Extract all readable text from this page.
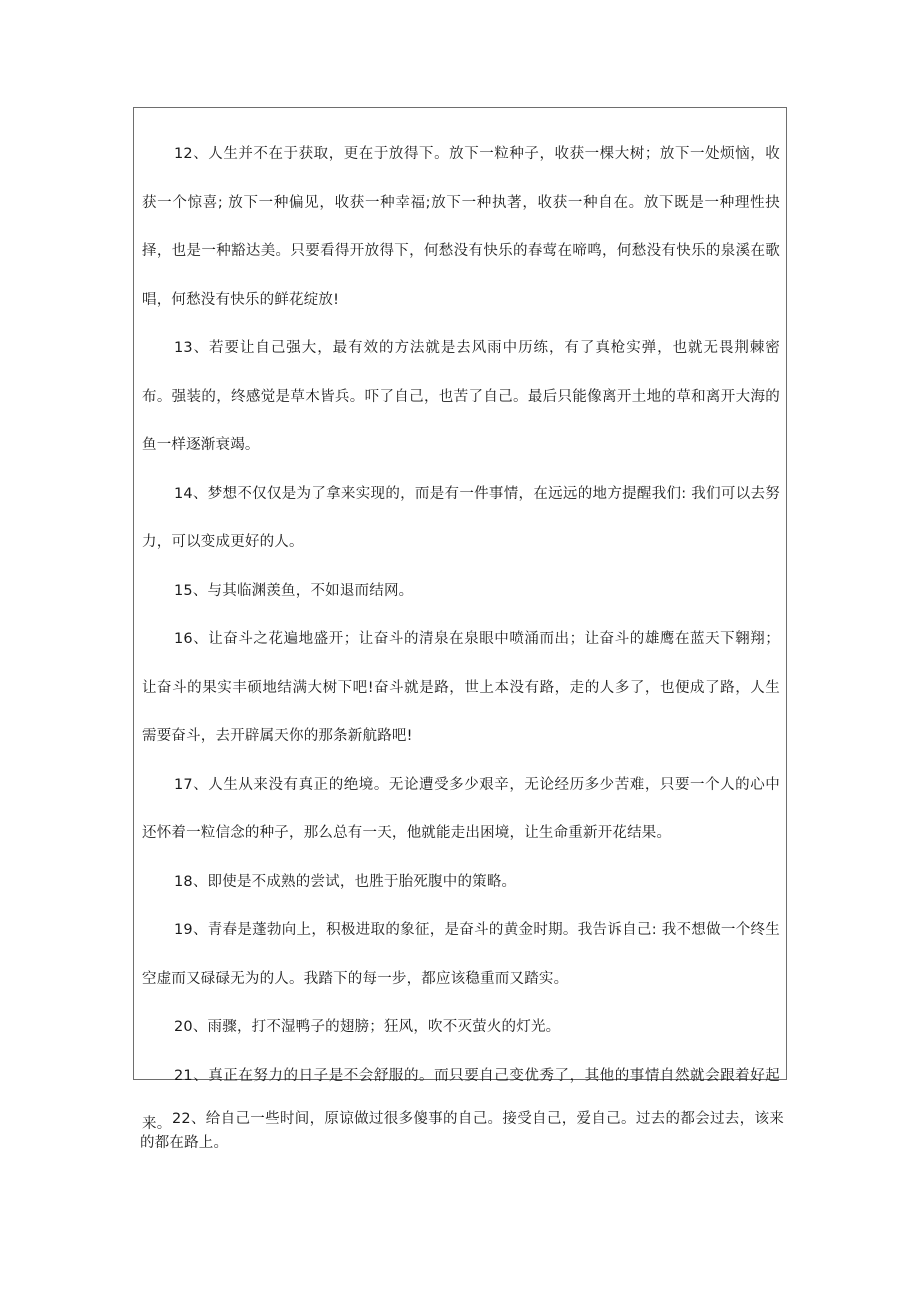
12、人生并不在于获取，更在于放得下。放下一粒种子，收获一棵大树；放下一处烦恼，收获一个惊喜; 放下一种偏见，收获一种幸福;放下一种执著，收获一种自在。放下既是一种理性抉择，也是一种豁达美。只要看得开放得下，何愁没有快乐的春莺在啼鸣，何愁没有快乐的泉溪在歌唱，何愁没有快乐的鲜花绽放!

13、若要让自己强大，最有效的方法就是去风雨中历练，有了真枪实弹，也就无畏荆棘密布。强装的，终感觉是草木皆兵。吓了自己，也苦了自己。最后只能像离开土地的草和离开大海的鱼一样逐渐衰竭。

14、梦想不仅仅是为了拿来实现的，而是有一件事情，在远远的地方提醒我们: 我们可以去努力，可以变成更好的人。

15、与其临渊羡鱼，不如退而结网。

16、让奋斗之花遍地盛开；让奋斗的清泉在泉眼中喷涌而出；让奋斗的雄鹰在蓝天下翱翔；让奋斗的果实丰硕地结满大树下吧!奋斗就是路，世上本没有路，走的人多了，也便成了路，人生需要奋斗，去开辟属天你的那条新航路吧!

17、人生从来没有真正的绝境。无论遭受多少艰辛，无论经历多少苦难，只要一个人的心中还怀着一粒信念的种子，那么总有一天，他就能走出困境，让生命重新开花结果。

18、即使是不成熟的尝试，也胜于胎死腹中的策略。

19、青春是蓬勃向上，积极进取的象征，是奋斗的黄金时期。我告诉自己: 我不想做一个终生空虚而又碌碌无为的人。我踏下的每一步，都应该稳重而又踏实。

20、雨骤，打不湿鸭子的翅膀；狂风，吹不灭萤火的灯光。

21、真正在努力的日子是不会舒服的。而只要自己变优秀了，其他的事情自然就会跟着好起来。 22、给自己一些时间，原谅做过很多傻事的自己。接受自己，爱自己。过去的都会过去，该来的都在路上。
